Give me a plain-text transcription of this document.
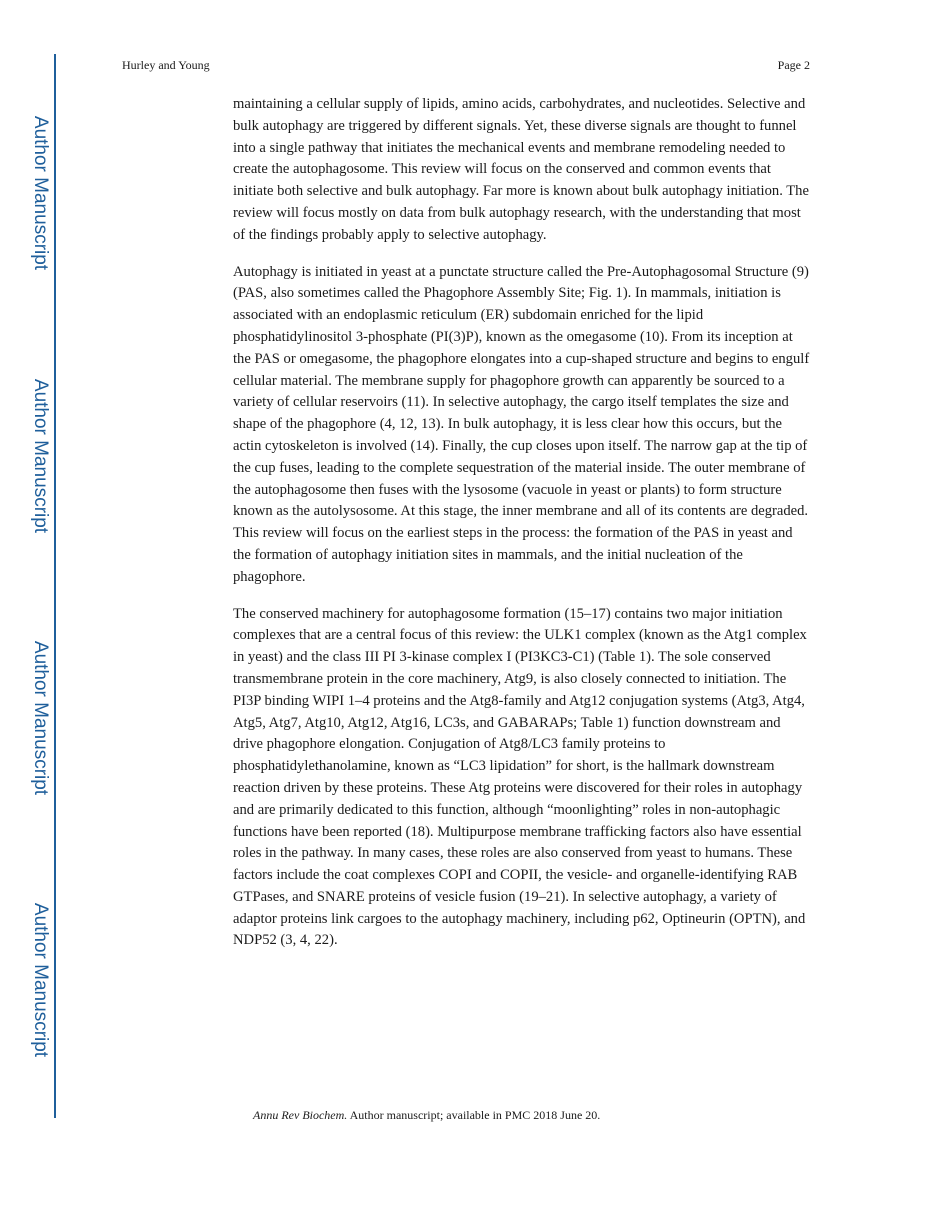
Author Manuscript
Author Manuscript
Author Manuscript
Author Manuscript
Hurley and Young	Page 2

maintaining a cellular supply of lipids, amino acids, carbohydrates, and nucleotides. Selective and bulk autophagy are triggered by different signals. Yet, these diverse signals are thought to funnel into a single pathway that initiates the mechanical events and membrane remodeling needed to create the autophagosome. This review will focus on the conserved and common events that initiate both selective and bulk autophagy. Far more is known about bulk autophagy initiation. The review will focus mostly on data from bulk autophagy research, with the understanding that most of the findings probably apply to selective autophagy.

Autophagy is initiated in yeast at a punctate structure called the Pre-Autophagosomal Structure (9) (PAS, also sometimes called the Phagophore Assembly Site; Fig. 1). In mammals, initiation is associated with an endoplasmic reticulum (ER) subdomain enriched for the lipid phosphatidylinositol 3-phosphate (PI(3)P), known as the omegasome (10). From its inception at the PAS or omegasome, the phagophore elongates into a cup-shaped structure and begins to engulf cellular material. The membrane supply for phagophore growth can apparently be sourced to a variety of cellular reservoirs (11). In selective autophagy, the cargo itself templates the size and shape of the phagophore (4, 12, 13). In bulk autophagy, it is less clear how this occurs, but the actin cytoskeleton is involved (14). Finally, the cup closes upon itself. The narrow gap at the tip of the cup fuses, leading to the complete sequestration of the material inside. The outer membrane of the autophagosome then fuses with the lysosome (vacuole in yeast or plants) to form structure known as the autolysosome. At this stage, the inner membrane and all of its contents are degraded. This review will focus on the earliest steps in the process: the formation of the PAS in yeast and the formation of autophagy initiation sites in mammals, and the initial nucleation of the phagophore.

The conserved machinery for autophagosome formation (15–17) contains two major initiation complexes that are a central focus of this review: the ULK1 complex (known as the Atg1 complex in yeast) and the class III PI 3-kinase complex I (PI3KC3-C1) (Table 1). The sole conserved transmembrane protein in the core machinery, Atg9, is also closely connected to initiation. The PI3P binding WIPI 1–4 proteins and the Atg8-family and Atg12 conjugation systems (Atg3, Atg4, Atg5, Atg7, Atg10, Atg12, Atg16, LC3s, and GABARAPs; Table 1) function downstream and drive phagophore elongation. Conjugation of Atg8/LC3 family proteins to phosphatidylethanolamine, known as “LC3 lipidation” for short, is the hallmark downstream reaction driven by these proteins. These Atg proteins were discovered for their roles in autophagy and are primarily dedicated to this function, although “moonlighting” roles in non-autophagic functions have been reported (18). Multipurpose membrane trafficking factors also have essential roles in the pathway. In many cases, these roles are also conserved from yeast to humans. These factors include the coat complexes COPI and COPII, the vesicle- and organelle-identifying RAB GTPases, and SNARE proteins of vesicle fusion (19–21). In selective autophagy, a variety of adaptor proteins link cargoes to the autophagy machinery, including p62, Optineurin (OPTN), and NDP52 (3, 4, 22).

Annu Rev Biochem. Author manuscript; available in PMC 2018 June 20.
